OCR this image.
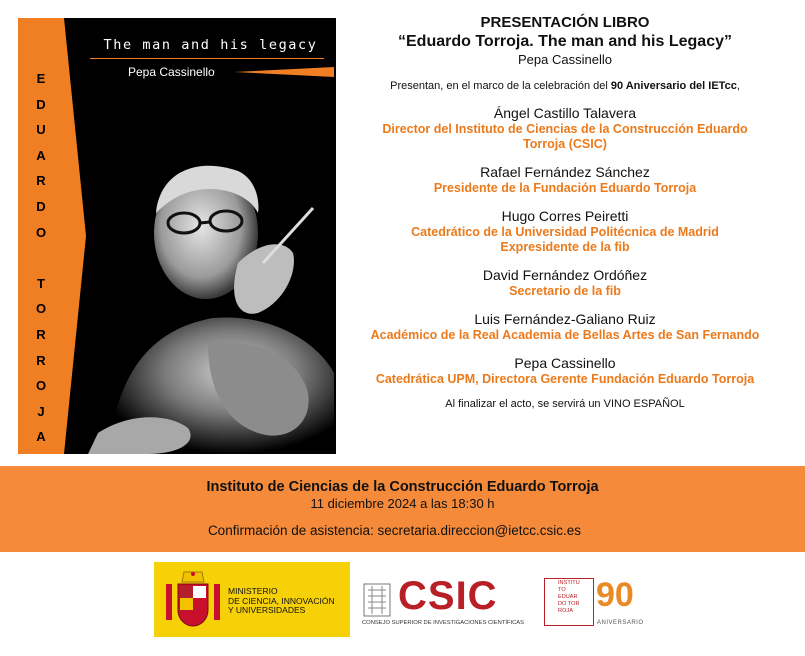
E
D
U
A
R
D
O
T
O
R
R
O
J
A
The man and his legacy
Pepa Cassinello

PRESENTACIÓN LIBRO

“Eduardo Torroja. The man and his Legacy”

Pepa Cassinello

Presentan, en el marco de la celebración del 90 Aniversario del IETcc,

Ángel Castillo Talavera

Director del Instituto de Ciencias de la Construcción Eduardo

Torroja (CSIC)

Rafael Fernández Sánchez

Presidente de la Fundación Eduardo Torroja

Hugo Corres Peiretti

Catedrático de la Universidad Politécnica de Madrid

Expresidente de la fib

David Fernández Ordóñez

Secretario de la fib

Luis Fernández-Galiano Ruiz

Académico de la Real Academia de Bellas Artes de San Fernando

Pepa Cassinello

Catedrática UPM, Directora Gerente Fundación Eduardo Torroja

Al finalizar el acto, se servirá un VINO ESPAÑOL
Instituto de Ciencias de la Construcción Eduardo Torroja
11 diciembre 2024 a las 18:30 h
Confirmación de asistencia: secretaria.direccion@ietcc.csic.es
MINISTERIO
DE CIENCIA, INNOVACIÓN
Y UNIVERSIDADES	CSIC
CONSEJO SUPERIOR DE INVESTIGACIONES CIENTÍFICAS
INSTITU
TO
EDUAR
DO TOR
ROJA 90
ANIVERSARIO
